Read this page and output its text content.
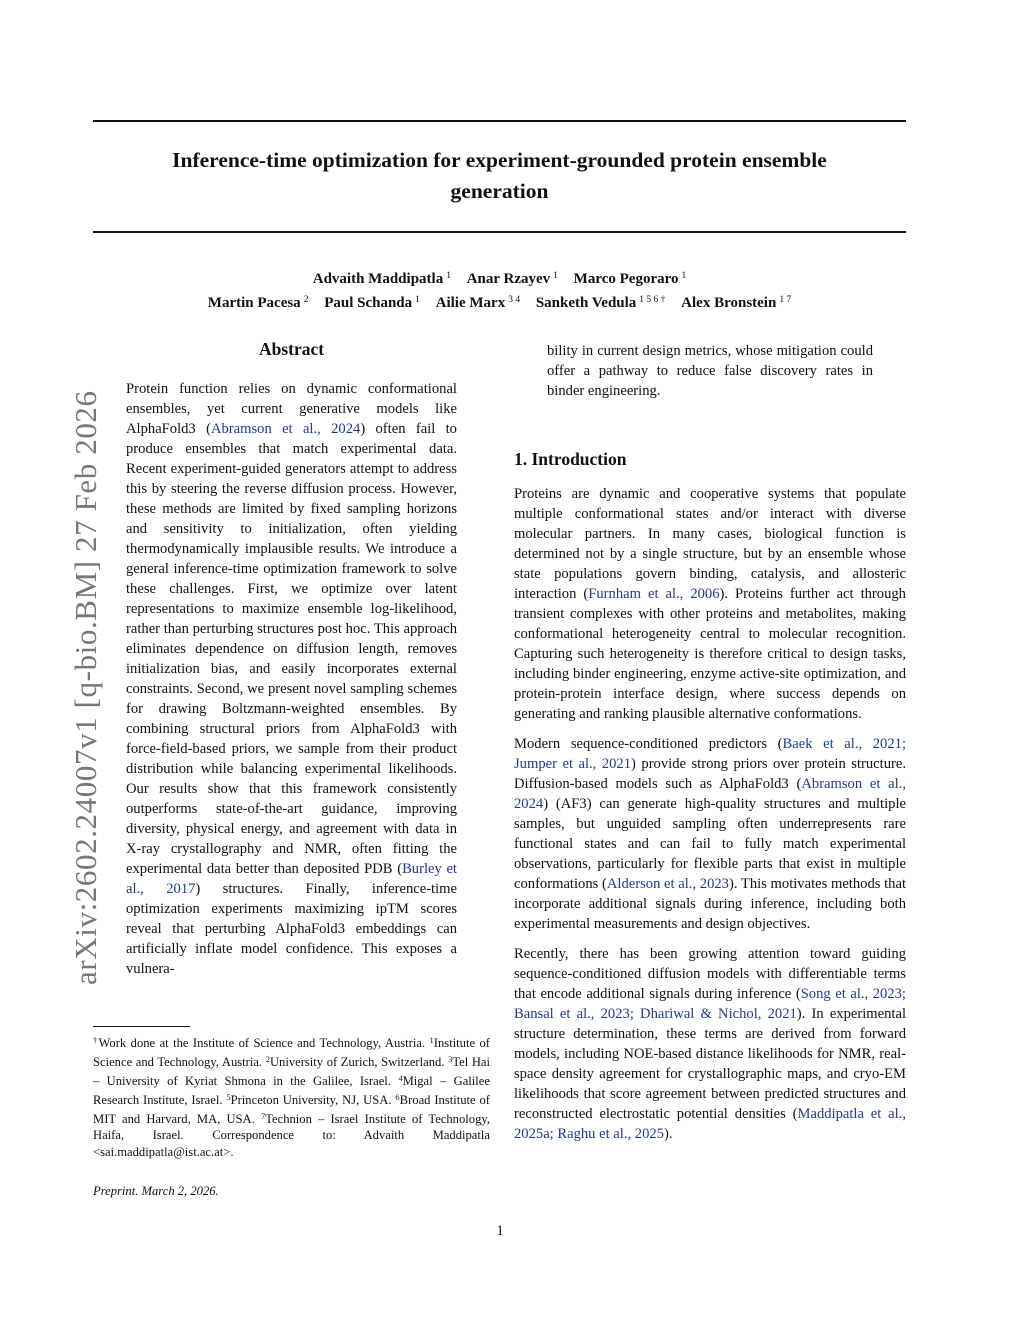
Inference-time optimization for experiment-grounded protein ensemble
generation
Advaith Maddipatla $^1$ Anar Rzayev $^1$ Marco Pegoraro $^1$
Martin Pacesa $^2$ Paul Schanda $^1$ Ailie Marx $^{3 4}$ Sanketh Vedula $^{1 5 6 \dagger}$ Alex Bronstein $^{1 7}$
arXiv:2602.24007v1 [q-bio.BM] 27 Feb 2026
Abstract

Protein function relies on dynamic conformational ensembles, yet current generative models like AlphaFold3 (Abramson et al., 2024) often fail to produce ensembles that match experimental data. Recent experiment-guided generators attempt to address this by steering the reverse diffusion process. However, these methods are limited by fixed sampling horizons and sensitivity to initialization, often yielding thermodynamically implausible results. We introduce a general inference-time optimization framework to solve these challenges. First, we optimize over latent representations to maximize ensemble log-likelihood, rather than perturbing structures post hoc. This approach eliminates dependence on diffusion length, removes initialization bias, and easily incorporates external constraints. Second, we present novel sampling schemes for drawing Boltzmann-weighted ensembles. By combining structural priors from AlphaFold3 with force-field-based priors, we sample from their product distribution while balancing experimental likelihoods. Our results show that this framework consistently outperforms state-of-the-art guidance, improving diversity, physical energy, and agreement with data in X-ray crystallography and NMR, often fitting the experimental data better than deposited PDB (Burley et al., 2017) structures. Finally, inference-time optimization experiments maximizing ipTM scores reveal that perturbing AlphaFold3 embeddings can artificially inflate model confidence. This exposes a vulnera-

†Work done at the Institute of Science and Technology, Austria. $^1$Institute of Science and Technology, Austria. $^2$University of Zurich, Switzerland. $^3$Tel Hai – University of Kyriat Shmona in the Galilee, Israel. $^4$Migal – Galilee Research Institute, Israel. $^5$Princeton University, NJ, USA. $^6$Broad Institute of MIT and Harvard, MA, USA. $^7$Technion – Israel Institute of Technology, Haifa, Israel. Correspondence to: Advaith Maddipatla <sai.maddipatla@ist.ac.at>.
Preprint. March 2, 2026.

bility in current design metrics, whose mitigation could offer a pathway to reduce false discovery rates in binder engineering.

1. Introduction

Proteins are dynamic and cooperative systems that populate multiple conformational states and/or interact with diverse molecular partners. In many cases, biological function is determined not by a single structure, but by an ensemble whose state populations govern binding, catalysis, and allosteric interaction (Furnham et al., 2006). Proteins further act through transient complexes with other proteins and metabolites, making conformational heterogeneity central to molecular recognition. Capturing such heterogeneity is therefore critical to design tasks, including binder engineering, enzyme active-site optimization, and protein-protein interface design, where success depends on generating and ranking plausible alternative conformations.

Modern sequence-conditioned predictors (Baek et al., 2021; Jumper et al., 2021) provide strong priors over protein structure. Diffusion-based models such as AlphaFold3 (Abramson et al., 2024) (AF3) can generate high-quality structures and multiple samples, but unguided sampling often underrepresents rare functional states and can fail to fully match experimental observations, particularly for flexible parts that exist in multiple conformations (Alderson et al., 2023). This motivates methods that incorporate additional signals during inference, including both experimental measurements and design objectives.

Recently, there has been growing attention toward guiding sequence-conditioned diffusion models with differentiable terms that encode additional signals during inference (Song et al., 2023; Bansal et al., 2023; Dhariwal & Nichol, 2021). In experimental structure determination, these terms are derived from forward models, including NOE-based distance likelihoods for NMR, real-space density agreement for crystallographic maps, and cryo-EM likelihoods that score agreement between predicted structures and reconstructed electrostatic potential densities (Maddipatla et al., 2025a; Raghu et al., 2025).

1
